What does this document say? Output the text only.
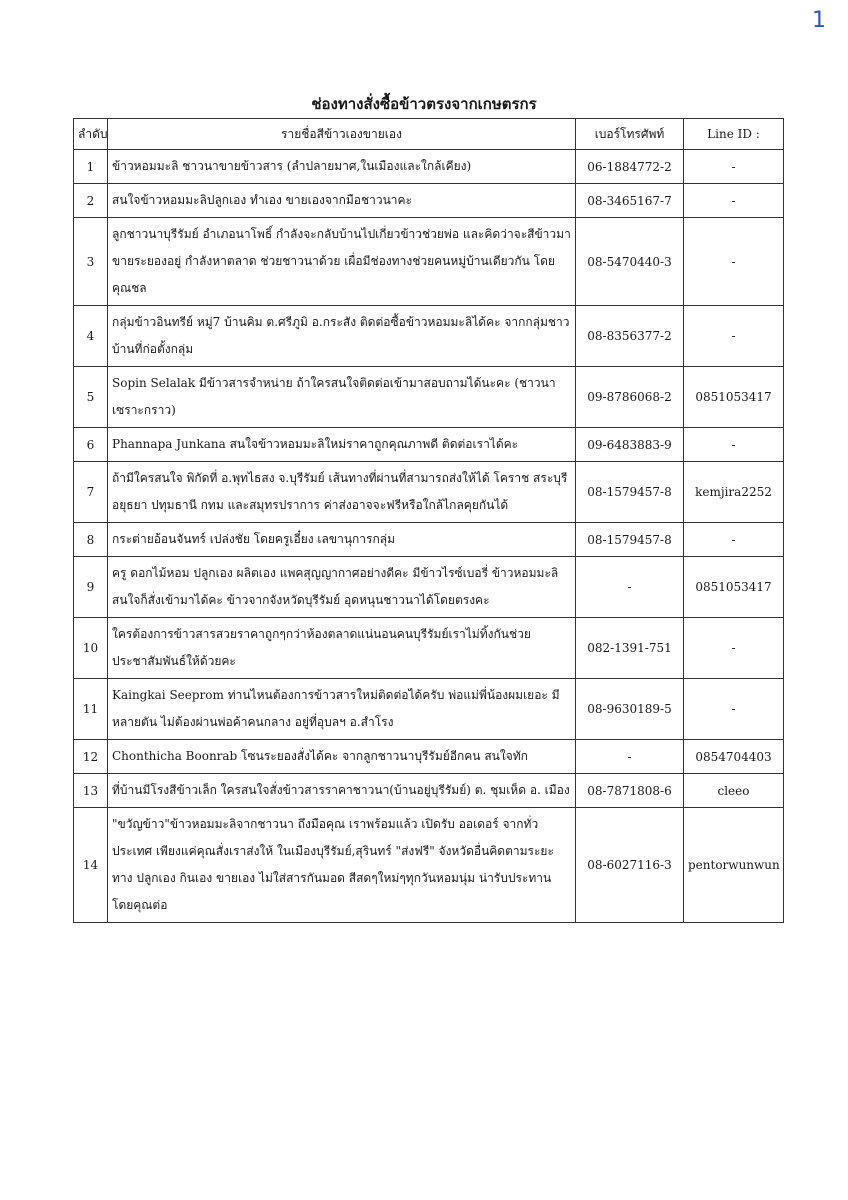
1
ช่องทางสั่งซื้อข้าวตรงจากเกษตรกร
ลำดับ	รายชื่อสีข้าวเองขายเอง	เบอร์โทรศัพท์	Line ID :
1	ข้าวหอมมะลิ ชาวนาขายข้าวสาร (ลำปลายมาศ,ในเมืองและใกล้เคียง)	06-1884772-2	-
2	สนใจข้าวหอมมะลิปลูกเอง ทำเอง ขายเองจากมือชาวนาคะ	08-3465167-7	-
3	ลูกชาวนาบุรีรัมย์ อำเภอนาโพธิ์ กำลังจะกลับบ้านไปเกี่ยวข้าวช่วยพ่อ และคิดว่าจะสีข้าวมาขายระยองอยู่ กำลังหาตลาด ช่วยชาวนาด้วย เผื่อมีช่องทางช่วยคนหมู่บ้านเดียวกัน โดยคุณชล	08-5470440-3	-
4	กลุ่มข้าวอินทรีย์ หมู่7 บ้านคิม ต.ศรีภูมิ อ.กระสัง ติดต่อซื้อข้าวหอมมะลิได้คะ จากกลุ่มชาวบ้านที่ก่อตั้งกลุ่ม	08-8356377-2	-
5	Sopin Selalak มีข้าวสารจำหน่าย ถ้าใครสนใจติดต่อเข้ามาสอบถามได้นะคะ (ชาวนาเซราะกราว)	09-8786068-2	0851053417
6	Phannapa Junkana สนใจข้าวหอมมะลิใหม่ราคาถูกคุณภาพดี ติดต่อเราได้คะ	09-6483883-9	-
7	ถ้ามีใครสนใจ พิกัดที่ อ.พุทไธสง จ.บุรีรัมย์ เส้นทางที่ผ่านที่สามารถส่งให้ได้ โคราช สระบุรี อยุธยา ปทุมธานี กทม และสมุทรปราการ ค่าส่งอาจจะฟรีหรือใกล้ไกลคุยกันได้	08-1579457-8	kemjira2252
8	กระต่ายอ้อนจันทร์ เปล่งชัย โดยครูเอี๋ยง เลขานุการกลุ่ม	08-1579457-8	-
9	ครู ดอกไม้หอม ปลูกเอง ผลิตเอง แพคสุญญากาศอย่างดีคะ มีข้าวไรซ์เบอรี่ ข้าวหอมมะลิ สนใจก็สั่งเข้ามาได้คะ ข้าวจากจังหวัดบุรีรัมย์ อุดหนุนชาวนาได้โดยตรงคะ	-	0851053417
10	ใครต้องการข้าวสารสวยราคาถูกๆกว่าห้องตลาดแน่นอนคนบุรีรัมย์เราไม่ทิ้งกันช่วยประชาสัมพันธ์ให้ด้วยคะ	082-1391-751	-
11	Kaingkai Seeprom ท่านไหนต้องการข้าวสารใหม่ติดต่อได้ครับ พ่อแม่พี่น้องผมเยอะ มีหลายตัน ไม่ต้องผ่านพ่อค้าคนกลาง อยู่ที่อุบลฯ อ.สำโรง	08-9630189-5	-
12	Chonthicha Boonrab โซนระยองสั่งได้คะ จากลูกชาวนาบุรีรัมย์อีกคน สนใจทัก	-	0854704403
13	ที่บ้านมีโรงสีข้าวเล็ก ใครสนใจสั่งข้าวสารราคาชาวนา(บ้านอยู่บุรีรัมย์) ต. ชุมเห็ด อ. เมือง	08-7871808-6	cleeo
14	"ขวัญข้าว"ข้าวหอมมะลิจากชาวนา ถึงมือคุณ เราพร้อมแล้ว เปิดรับ ออเดอร์ จากทั่วประเทศ เพียงแค่คุณสั่งเราส่งให้ ในเมืองบุรีรัมย์,สุรินทร์ "ส่งฟรี" จังหวัดอื่นคิดตามระยะทาง ปลูกเอง กินเอง ขายเอง ไม่ใส่สารกันมอด สีสดๆใหม่ๆทุกวันหอมนุ่ม น่ารับประทาน โดยคุณต่อ	08-6027116-3	pentorwunwun
